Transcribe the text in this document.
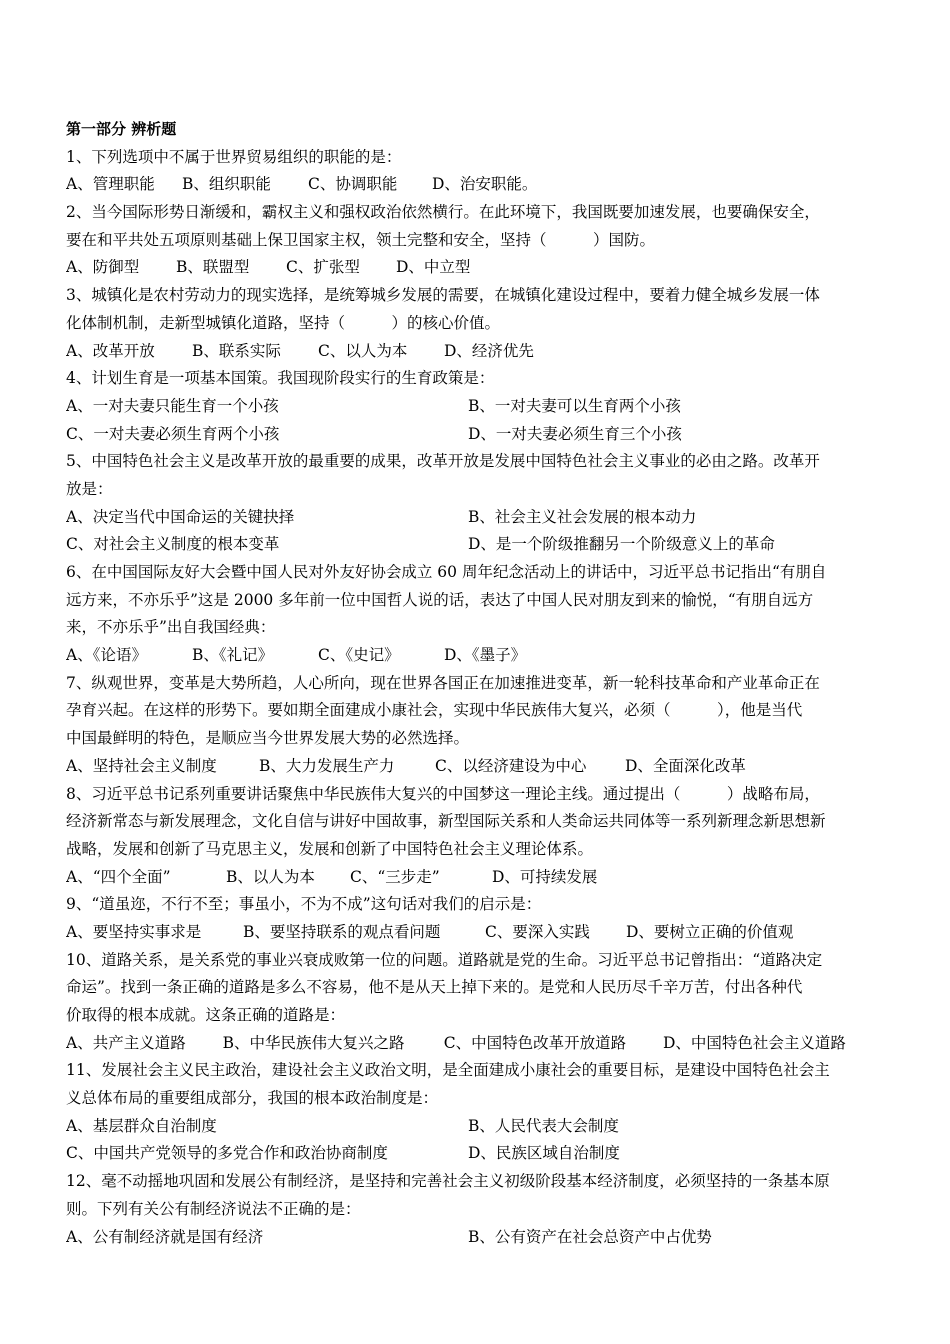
第一部分 辨析题
1、下列选项中不属于世界贸易组织的职能的是：
A、管理职能	B、组织职能	C、协调职能	D、治安职能。
2、当今国际形势日渐缓和，霸权主义和强权政治依然横行。在此环境下，我国既要加速发展，也要确保安全，
要在和平共处五项原则基础上保卫国家主权，领土完整和安全，坚持（　　　）国防。
A、防御型	B、联盟型	C、扩张型	D、中立型
3、城镇化是农村劳动力的现实选择，是统筹城乡发展的需要，在城镇化建设过程中，要着力健全城乡发展一体
化体制机制，走新型城镇化道路，坚持（　　　）的核心价值。
A、改革开放	B、联系实际	C、以人为本	D、经济优先
4、计划生育是一项基本国策。我国现阶段实行的生育政策是：
A、一对夫妻只能生育一个小孩	B、一对夫妻可以生育两个小孩
C、一对夫妻必须生育两个小孩	D、一对夫妻必须生育三个小孩
5、中国特色社会主义是改革开放的最重要的成果，改革开放是发展中国特色社会主义事业的必由之路。改革开
放是：
A、决定当代中国命运的关键抉择	B、社会主义社会发展的根本动力
C、对社会主义制度的根本变革	D、是一个阶级推翻另一个阶级意义上的革命
6、在中国国际友好大会暨中国人民对外友好协会成立 60 周年纪念活动上的讲话中，习近平总书记指出“有朋自
远方来，不亦乐乎”这是 2000 多年前一位中国哲人说的话，表达了中国人民对朋友到来的愉悦，“有朋自远方
来，不亦乐乎”出自我国经典：
A、《论语》	B、《礼记》	C、《史记》	D、《墨子》
7、纵观世界，变革是大势所趋，人心所向，现在世界各国正在加速推进变革，新一轮科技革命和产业革命正在
孕育兴起。在这样的形势下。要如期全面建成小康社会，实现中华民族伟大复兴，必须（　　　），他是当代
中国最鲜明的特色，是顺应当今世界发展大势的必然选择。
A、坚持社会主义制度	B、大力发展生产力	C、以经济建设为中心	D、全面深化改革
8、习近平总书记系列重要讲话聚焦中华民族伟大复兴的中国梦这一理论主线。通过提出（　　　）战略布局，
经济新常态与新发展理念，文化自信与讲好中国故事，新型国际关系和人类命运共同体等一系列新理念新思想新
战略，发展和创新了马克思主义，发展和创新了中国特色社会主义理论体系。
A、“四个全面”	B、以人为本	C、“三步走”	D、可持续发展
9、“道虽迩，不行不至；事虽小，不为不成”这句话对我们的启示是：
A、要坚持实事求是	B、要坚持联系的观点看问题	C、要深入实践	D、要树立正确的价值观
10、道路关系，是关系党的事业兴衰成败第一位的问题。道路就是党的生命。习近平总书记曾指出：“道路决定
命运”。找到一条正确的道路是多么不容易，他不是从天上掉下来的。是党和人民历尽千辛万苦，付出各种代
价取得的根本成就。这条正确的道路是：
A、共产主义道路	B、中华民族伟大复兴之路	C、中国特色改革开放道路	D、中国特色社会主义道路
11、发展社会主义民主政治，建设社会主义政治文明，是全面建成小康社会的重要目标，是建设中国特色社会主
义总体布局的重要组成部分，我国的根本政治制度是：
A、基层群众自治制度	B、人民代表大会制度
C、中国共产党领导的多党合作和政治协商制度	D、民族区域自治制度
12、毫不动摇地巩固和发展公有制经济，是坚持和完善社会主义初级阶段基本经济制度，必须坚持的一条基本原
则。下列有关公有制经济说法不正确的是：
A、公有制经济就是国有经济	B、公有资产在社会总资产中占优势
